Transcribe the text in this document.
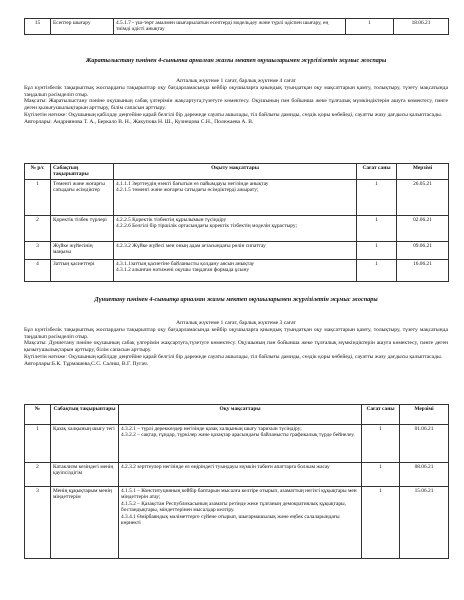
15	Есептер шығару	4.5.1.7 - үш-төрт амалмен шығарылатын есептерді модельдеу және түрлі әдіспен шығару, ең тиімді әдісті анықтау	1	18.06.21
Жаратылыстану пәнінен 4-сыныпка арналған жазғы мектеп оқушыларымен жүргізілетін жұмыс жоспары
Апталық жүктеме 1 сағат, барлық жүктеме 4 сағат
Бұл күнтізбелік тақырыптық жоспардағы тақырыптар оқу бағдарламасында кейбір оқушыларға қиындық туындатқан оқу мақсаттарын қамту, толықтыру, түзету мақсатында таңдалып рәсімделіп отыр.
Мақсаты: Жаратылыстану пәніне оқушының сабақ үлгерімін жақсартуға,түзетуге көмектесу. Оқушының пән бойынша жеке тұлғалық мүмкіндіктерін ашуға көмектесу, пәнге деген қызығушылықтарын арттыру, білім сапасын арттыру.
Күтілетін нәтиже: Оқушының қабілдау деңгейіне қарай белгілі бір дәрежеде сауаты ашылады, тіл байлығы дамиды, сөздік қоры көбейеді, сауатты жазу дағдысы қалыптасады.
Авторлары: Андриянова Т. А., Беркало В. Н., Жакупова Н. Ш., Кузнецова С.Н., Полежаева А. В.
№ р/с	Сабақтың тақырыптары	Оқыту мақсаттары	Сағат саны	Мерзімі
1	Төменгі және жоғарғы сатыдағы әсімдіктер	4.1.1.1 Зерттеудің өзекті бағытын өз пайымдауы негізінде анықтау
4.2.1.5 төменгі және жоғарғы сатыдағы өсімдіктерді ажырату;	1	26.05.21
2	Қоректік тізбек түрлері	4.2.2.5 Қоректік тізбектің құрылымын түсіндіру
4.2.2.6 Белгілі бір тіршілік ортасындағы қоректік тізбектің моделін құрастыру;	1	02.06.21
3	Жүйке жүйесінің маңызы	4.2.3.2 Жүйке жүйесі мен оның адам ағзасындағы рөлін сипаттау	1	09.06.21
4	Заттың қасиеттері	4.3.1.1заттың қасиетіне байланысты қолдану аясын анықтау
4.3.1.2 алынған нәтижені оқушы таңдаған формада ұсыну	1	16.06.21
Дүниетану пәнінен 4-сыныпқа арналған жазғы мектеп оқушыларымен жүргізілетін жұмыс жоспары
Апталық жүктеме 1 сағат, барлық жүктеме 3 сағат
Бұл күнтізбелік тақырыптық жоспардағы тақырыптар оқу бағдарламасында кейбір оқушыларға қиындық туындатқан оқу мақсаттарын қамту, толықтыру, түзету мақсатында таңдалып рәсімделіп отыр.
Мақсаты: Дүниетану пәніне оқушының сабақ үлгерімін жақсартуға,түзетуге көмектесу. Оқушының пән бойынша жеке тұлғалық мүмкіндіктерін ашуға көмектесу, пәнге деген қызығушылықтарын арттыру, білім сапасын арттыру.
Күтілетін нәтиже: Оқушының қабілдау деңгейіне қарай белгілі бір дәрежеде сауаты ашылады, тіл байлығы дамиды, сөздік қоры көбейеді, сауатты жазу дағдысы қалыптасады.
Авторлары:Б.К. Тұрмашева,С.С. Салиш, В.Г. Пугач.
№	Сабақтың тақырыптары	Оқу мақсаттары	Сағат саны	Мерзімі
1	Қазақ халқының шығу тегі	4.3.2.1 – түрлі дереккөздер негізінде қазақ халқының шығу тарихын түсіндіру;
4.3.2.2 – сақтар, ғұндар, түркілер және қазақтар арасындағы байланысты графикалық түрде бейнелеу.	1	01.06.21
2	Катаклизм кезіндегі менің қауіпсіздігім	4.2.3.2 зерттеулер негізінде өз өңіріндегі туындауы мүмкін табиғи апаттарға болжам жасау	1	08.06.21
3	Менің құқықтарым менің міндеттерім	4.1.5.1 – Конституцияның кейбір баптарын мысалға келтіре отырып, азаматтың негізгі құқықтары мен міндеттерін атау;
4.1.5.2 – Қазақстан Республикасының азаматы ретінде жеке тұлғаның демократиялық құқықтары, бостандықтары, міндеттерінен мысалдар келтіру.
4.3.4.1 Өмірбаяндық мәліметтерге сүйене отырып, шығармашылық және еңбек салаларындағы көрнекті	1	15.06.21
